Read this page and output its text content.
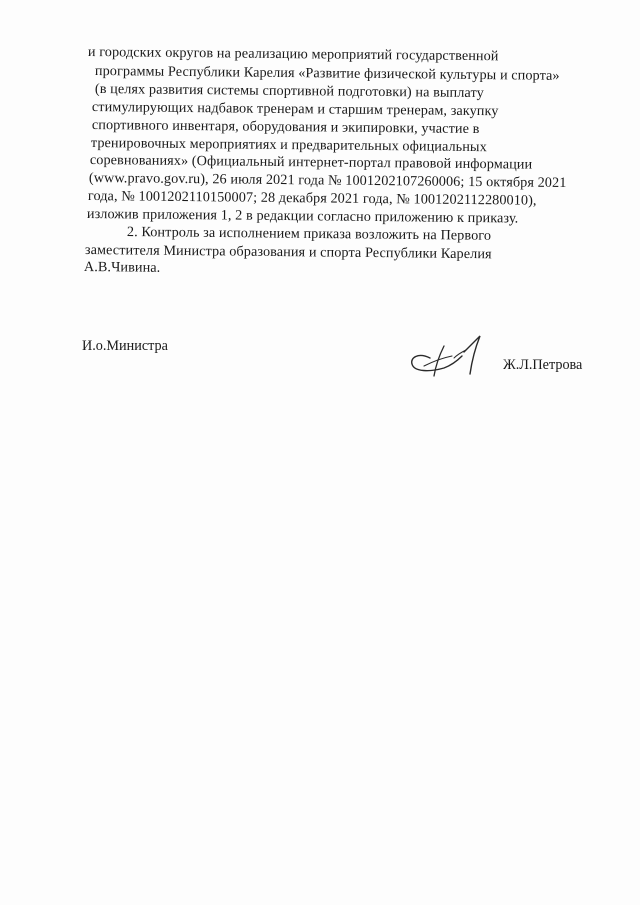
и городских округов на реализацию мероприятий государственной
программы Республики Карелия «Развитие физической культуры и спорта»
(в целях развития системы спортивной подготовки) на выплату
стимулирующих надбавок тренерам и старшим тренерам, закупку
спортивного инвентаря, оборудования и экипировки, участие в
тренировочных мероприятиях и предварительных официальных
соревнованиях» (Официальный интернет-портал правовой информации
(www.pravo.gov.ru), 26 июля 2021 года № 1001202107260006; 15 октября 2021
года, № 1001202110150007; 28 декабря 2021 года, № 1001202112280010),
изложив приложения 1, 2 в редакции согласно приложению к приказу.
2. Контроль за исполнением приказа возложить на Первого
заместителя Министра образования и спорта Республики Карелия
А.В.Чивина.
И.о.Министра
Ж.Л.Петрова
